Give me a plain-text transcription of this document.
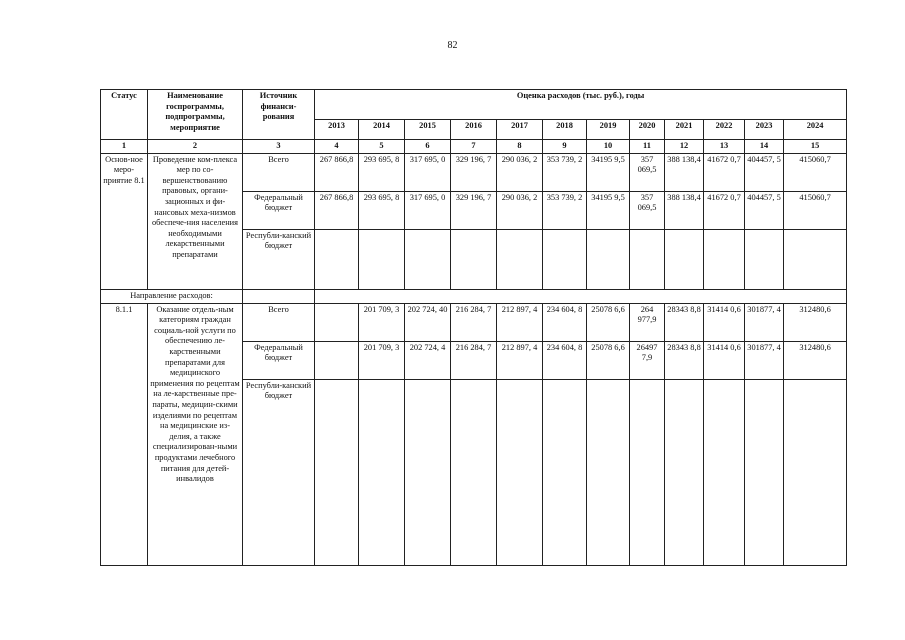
82
Статус	Наименование госпрограммы, подпрограммы, мероприятие	Источник финанси-рования	Оценка расходов (тыс. руб.), годы											
			2013	2014	2015	2016	2017	2018	2019	2020	2021	2022	2023	2024
1	2	3	4	5	6	7	8	9	10	11	12	13	14	15
Основ-ное меро-приятие 8.1	Проведение ком-плекса мер по со-вершенствованию правовых, органи-зационных и фи-нансовых меха-низмов обеспече-ния населения необходимыми лекарственными препаратами	Всего	267 866,8	293 695, 8	317 695, 0	329 196, 7	290 036, 2	353 739, 2	34195 9,5	357 069,5	388 138,4	41672 0,7	404457, 5	415060,7
		Федеральный бюджет	267 866,8	293 695, 8	317 695, 0	329 196, 7	290 036, 2	353 739, 2	34195 9,5	357 069,5	388 138,4	41672 0,7	404457, 5	415060,7
		Республи-канский бюджет												
Направление расходов:														
8.1.1	Оказание отдель-ным категориям граждан социаль-ной услуги по обеспечению ле-карственными препаратами для медицинского применения по рецептам на ле-карственные пре-параты, медицин-скими изделиями по рецептам на медицинские из-делия, а также специализирован-ными продуктами лечебного питания для детей-инвалидов	Всего		201 709, 3	202 724, 40	216 284, 7	212 897, 4	234 604, 8	25078 6,6	264 977,9	28343 8,8	31414 0,6	301877, 4	312480,6
		Федеральный бюджет		201 709, 3	202 724, 4	216 284, 7	212 897, 4	234 604, 8	25078 6,6	26497 7,9	28343 8,8	31414 0,6	301877, 4	312480,6
		Республи-канский бюджет												
